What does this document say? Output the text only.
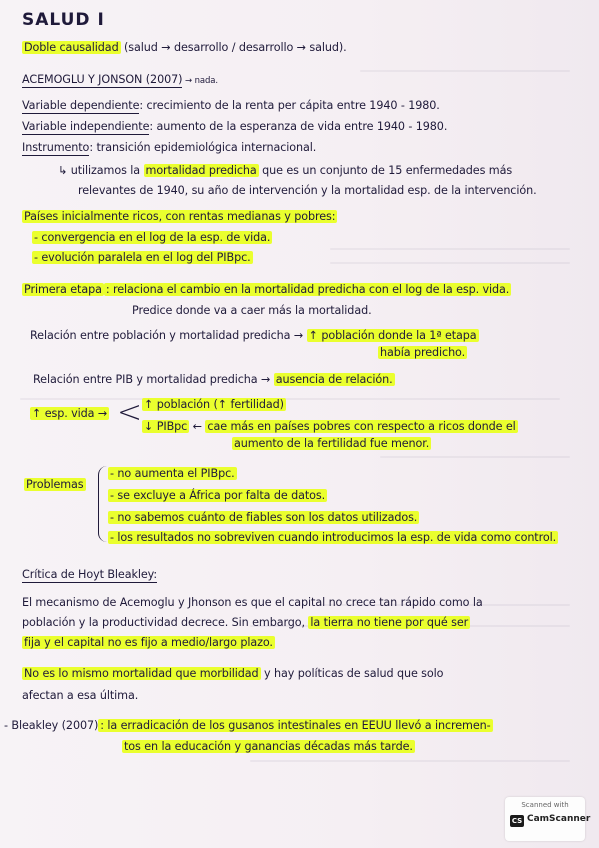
SALUD I
Doble causalidad (salud → desarrollo / desarrollo → salud).
ACEMOGLU Y JONSON (2007) → nada.
Variable dependiente: crecimiento de la renta per cápita entre 1940 - 1980.
Variable independiente: aumento de la esperanza de vida entre 1940 - 1980.
Instrumento: transición epidemiológica internacional.
↳ utilizamos la mortalidad predicha que es un conjunto de 15 enfermedades más
relevantes de 1940, su año de intervención y la mortalidad esp. de la intervención.
Países inicialmente ricos, con rentas medianas y pobres:
- convergencia en el log de la esp. de vida.
- evolución paralela en el log del PIBpc.
Primera etapa : relaciona el cambio en la mortalidad predicha con el log de la esp. vida.
Predice donde va a caer más la mortalidad.
Relación entre población y mortalidad predicha → ↑ población donde la 1ª etapa
había predicho.
Relación entre PIB y mortalidad predicha → ausencia de relación.
↑ esp. vida → < ↑ población (↑ fertilidad)
↓ PIBpc ← cae más en países pobres con respecto a ricos donde el
aumento de la fertilidad fue menor.
Problemas
- no aumenta el PIBpc.
- se excluye a África por falta de datos.
- no sabemos cuánto de fiables son los datos utilizados.
- los resultados no sobreviven cuando introducimos la esp. de vida como control.
Crítica de Hoyt Bleakley:
El mecanismo de Acemoglu y Jhonson es que el capital no crece tan rápido como la
población y la productividad decrece. Sin embargo, la tierra no tiene por qué ser
fija y el capital no es fijo a medio/largo plazo.
No es lo mismo mortalidad que morbilidad y hay políticas de salud que solo
afectan a esa última.
- Bleakley (2007) : la erradicación de los gusanos intestinales en EEUU llevó a incremen-
tos en la educación y ganancias décadas más tarde.
Scanned with
CS CamScanner
